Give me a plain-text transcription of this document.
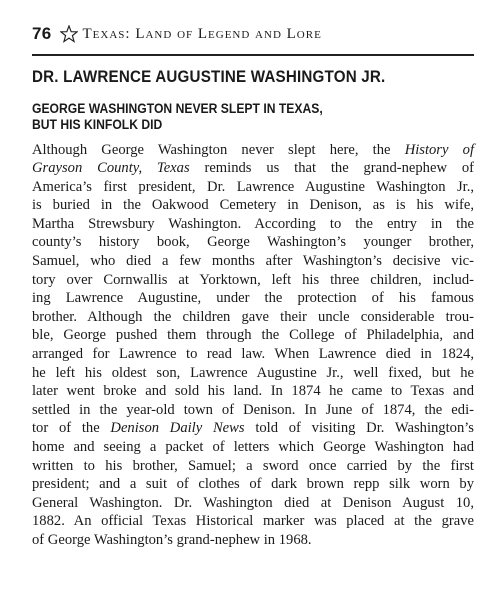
76 Texas: Land of Legend and Lore
DR. LAWRENCE AUGUSTINE WASHINGTON JR.
GEORGE WASHINGTON NEVER SLEPT IN TEXAS,
BUT HIS KINFOLK DID
Although George Washington never slept here, the History of
Grayson County, Texas reminds us that the grand-nephew of
America’s first president, Dr. Lawrence Augustine Washington Jr.,
is buried in the Oakwood Cemetery in Denison, as is his wife,
Martha Strewsbury Washington. According to the entry in the
county’s history book, George Washington’s younger brother,
Samuel, who died a few months after Washington’s decisive vic-
tory over Cornwallis at Yorktown, left his three children, includ-
ing Lawrence Augustine, under the protection of his famous
brother. Although the children gave their uncle considerable trou-
ble, George pushed them through the College of Philadelphia, and
arranged for Lawrence to read law. When Lawrence died in 1824,
he left his oldest son, Lawrence Augustine Jr., well fixed, but he
later went broke and sold his land. In 1874 he came to Texas and
settled in the year-old town of Denison. In June of 1874, the edi-
tor of the Denison Daily News told of visiting Dr. Washington’s
home and seeing a packet of letters which George Washington had
written to his brother, Samuel; a sword once carried by the first
president; and a suit of clothes of dark brown repp silk worn by
General Washington. Dr. Washington died at Denison August 10,
1882. An official Texas Historical marker was placed at the grave
of George Washington’s grand-nephew in 1968.
